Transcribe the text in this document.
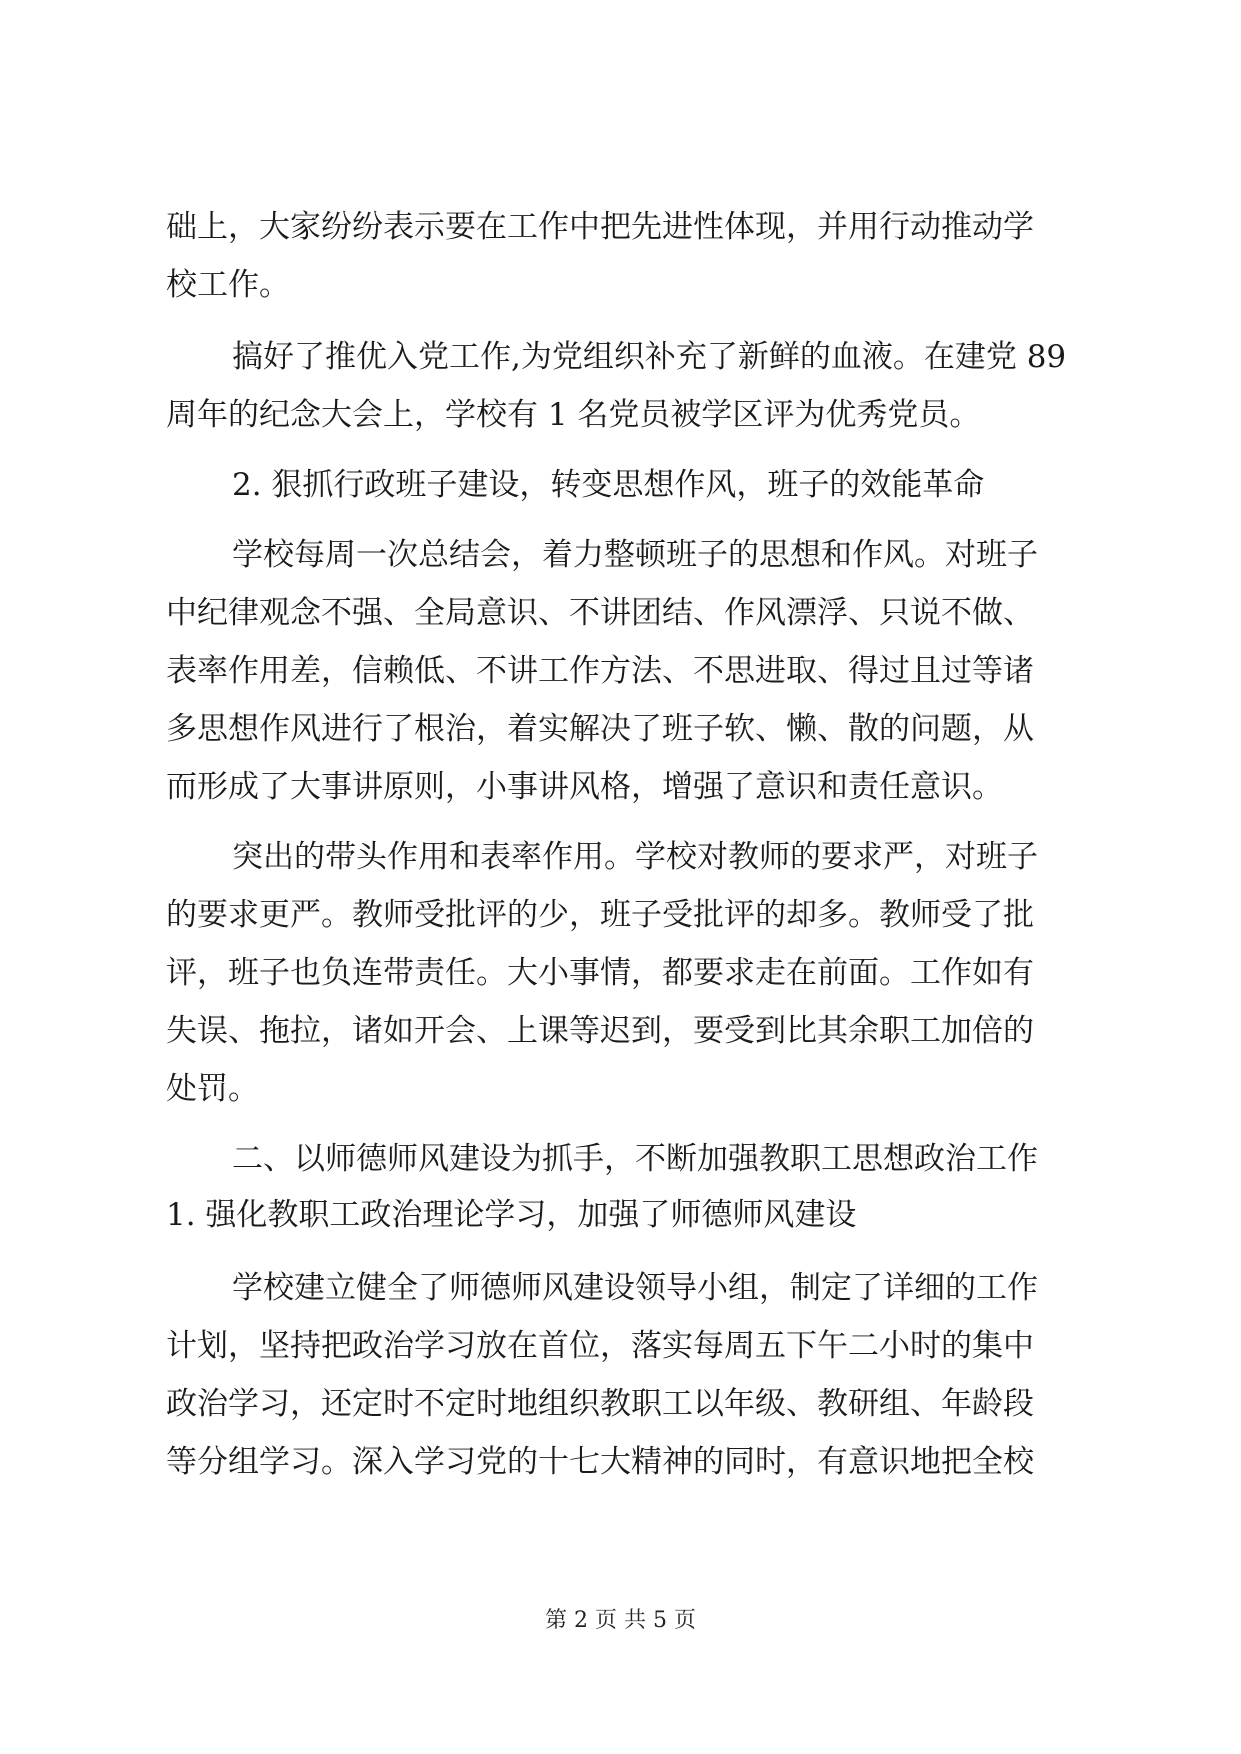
础上，大家纷纷表示要在工作中把先进性体现，并用行动推动学
校工作。
搞好了推优入党工作,为党组织补充了新鲜的血液。在建党 89
周年的纪念大会上，学校有 1 名党员被学区评为优秀党员。
2. 狠抓行政班子建设，转变思想作风，班子的效能革命
学校每周一次总结会，着力整顿班子的思想和作风。对班子
中纪律观念不强、全局意识、不讲团结、作风漂浮、只说不做、
表率作用差，信赖低、不讲工作方法、不思进取、得过且过等诸
多思想作风进行了根治，着实解决了班子软、懒、散的问题，从
而形成了大事讲原则，小事讲风格，增强了意识和责任意识。
突出的带头作用和表率作用。学校对教师的要求严，对班子
的要求更严。教师受批评的少，班子受批评的却多。教师受了批
评，班子也负连带责任。大小事情，都要求走在前面。工作如有
失误、拖拉，诸如开会、上课等迟到，要受到比其余职工加倍的
处罚。
二、以师德师风建设为抓手，不断加强教职工思想政治工作
1. 强化教职工政治理论学习，加强了师德师风建设
学校建立健全了师德师风建设领导小组，制定了详细的工作
计划，坚持把政治学习放在首位，落实每周五下午二小时的集中
政治学习，还定时不定时地组织教职工以年级、教研组、年龄段
等分组学习。深入学习党的十七大精神的同时，有意识地把全校
第 2 页 共 5 页
